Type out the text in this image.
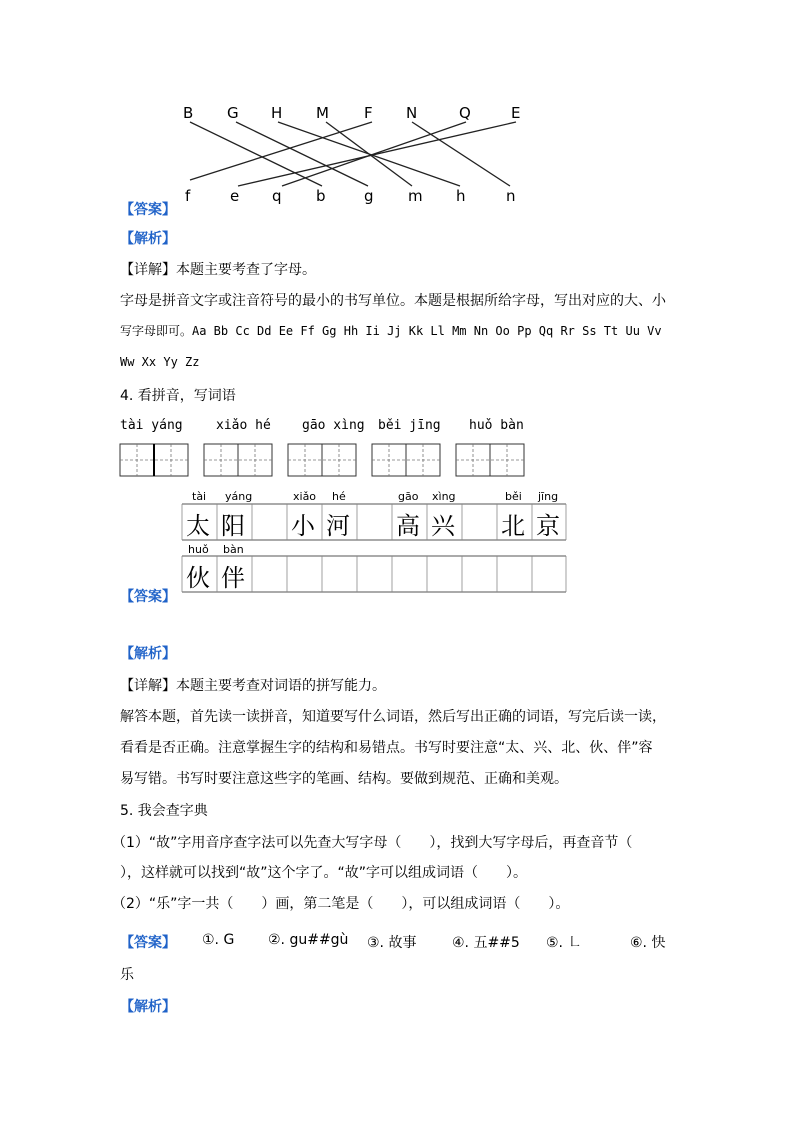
B G H M F N	Q	E
f	e q b	g m h	n
【答案】
【解析】
【详解】本题主要考查了字母。
字母是拼音文字或注音符号的最小的书写单位。本题是根据所给字母，写出对应的大、小
写字母即可。Aa Bb Cc Dd Ee Ff Gg Hh Ii Jj Kk Ll Mm Nn Oo Pp Qq Rr Ss Tt Uu Vv
Ww Xx Yy Zz
4. 看拼音，写词语
tài yáng	xiǎo hé gāo xìng běi jīng huǒ bàn
【答案】
tài yáng	xiǎo hé	gāo xìng	běi jīng
太 阳 小 河 高 兴 北 京
huǒ bàn
伙 伴
【解析】
【详解】本题主要考查对词语的拼写能力。
解答本题，首先读一读拼音，知道要写什么词语，然后写出正确的词语，写完后读一读，
看看是否正确。注意掌握生字的结构和易错点。书写时要注意“太、兴、北、伙、伴”容
易写错。书写时要注意这些字的笔画、结构。要做到规范、正确和美观。
5. 我会查字典
（1）“故”字用音序查字法可以先查大写字母（　　），找到大写字母后，再查音节（
），这样就可以找到“故”这个字了。“故”字可以组成词语（　　）。
（2）“乐”字一共（　　）画，第二笔是（　　），可以组成词语（　　）。
【答案】 ①. G ②. gu##gù ③. 故事	④. 五##5 ⑤. ㇗	⑥. 快
乐
【解析】
